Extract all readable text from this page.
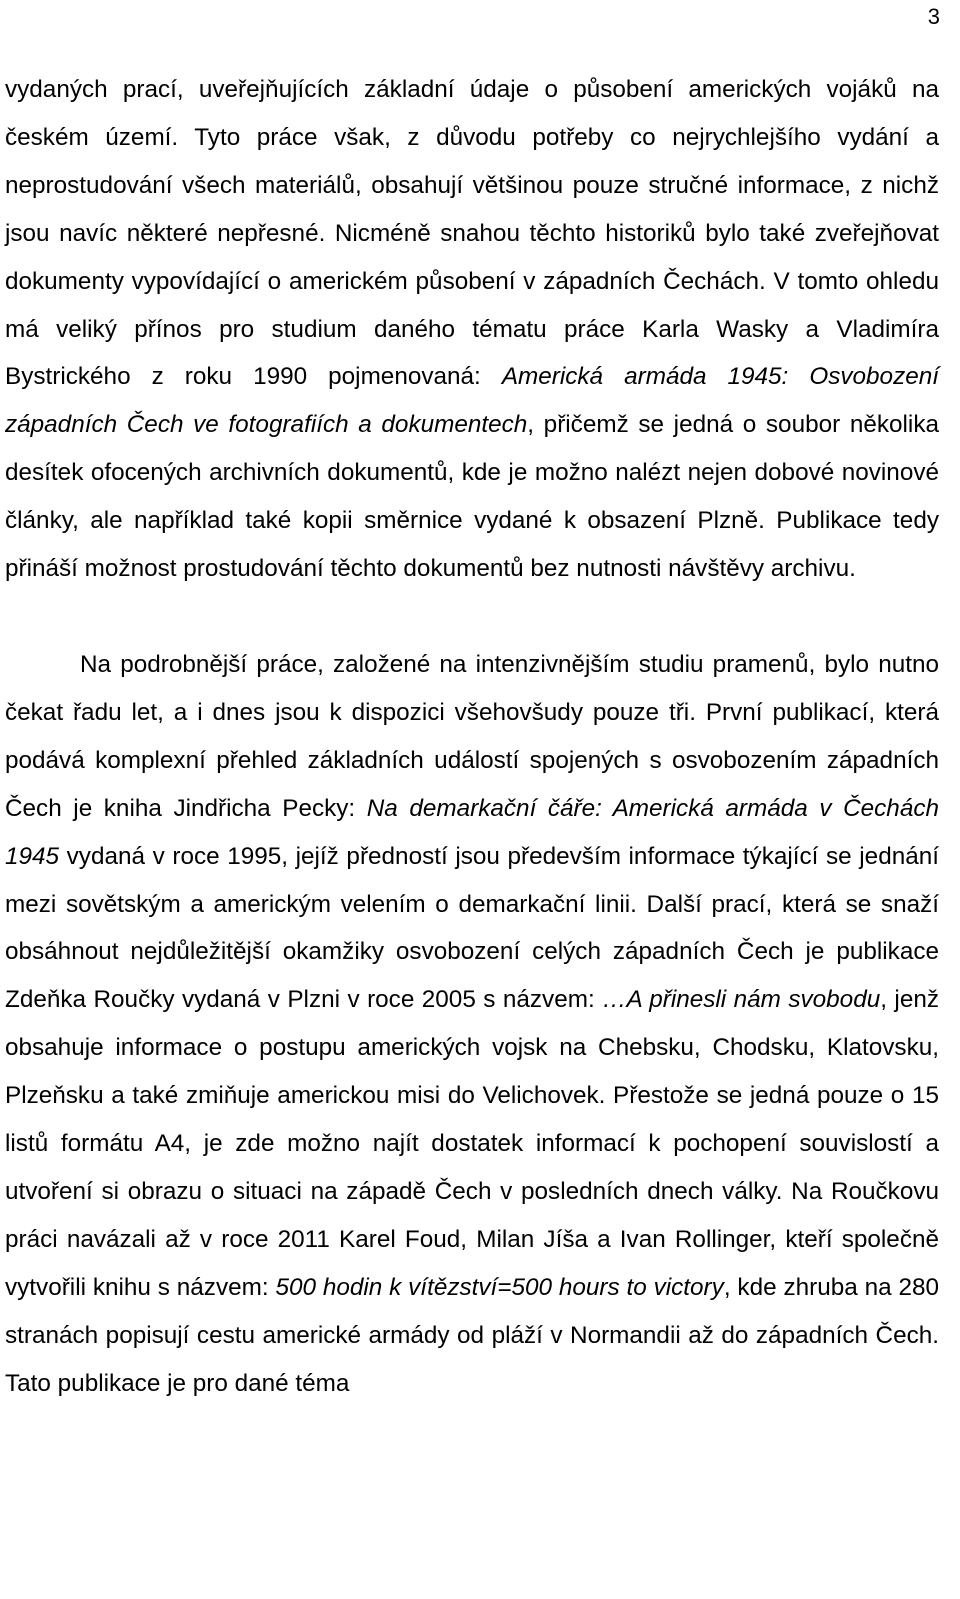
3

vydaných prací, uveřejňujících základní údaje o působení amerických vojáků na českém území. Tyto práce však, z důvodu potřeby co nejrychlejšího vydání a neprostudování všech materiálů, obsahují většinou pouze stručné informace, z nichž jsou navíc některé nepřesné. Nicméně snahou těchto historiků bylo také zveřejňovat dokumenty vypovídající o americkém působení v západních Čechách. V tomto ohledu má veliký přínos pro studium daného tématu práce Karla Wasky a Vladimíra Bystrického z roku 1990 pojmenovaná: Americká armáda 1945: Osvobození západních Čech ve fotografiích a dokumentech, přičemž se jedná o soubor několika desítek ofocených archivních dokumentů, kde je možno nalézt nejen dobové novinové články, ale například také kopii směrnice vydané k obsazení Plzně. Publikace tedy přináší možnost prostudování těchto dokumentů bez nutnosti návštěvy archivu.

Na podrobnější práce, založené na intenzivnějším studiu pramenů, bylo nutno čekat řadu let, a i dnes jsou k dispozici všehovšudy pouze tři. První publikací, která podává komplexní přehled základních událostí spojených s osvobozením západních Čech je kniha Jindřicha Pecky: Na demarkační čáře: Americká armáda v Čechách 1945 vydaná v roce 1995, jejíž předností jsou především informace týkající se jednání mezi sovětským a americkým velením o demarkační linii. Další prací, která se snaží obsáhnout nejdůležitější okamžiky osvobození celých západních Čech je publikace Zdeňka Roučky vydaná v Plzni v roce 2005 s názvem: …A přinesli nám svobodu, jenž obsahuje informace o postupu amerických vojsk na Chebsku, Chodsku, Klatovsku, Plzeňsku a také zmiňuje americkou misi do Velichovek. Přestože se jedná pouze o 15 listů formátu A4, je zde možno najít dostatek informací k pochopení souvislostí a utvoření si obrazu o situaci na západě Čech v posledních dnech války. Na Roučkovu práci navázali až v roce 2011 Karel Foud, Milan Jíša a Ivan Rollinger, kteří společně vytvořili knihu s názvem: 500 hodin k vítězství=500 hours to victory, kde zhruba na 280 stranách popisují cestu americké armády od pláží v Normandii až do západních Čech. Tato publikace je pro dané téma
